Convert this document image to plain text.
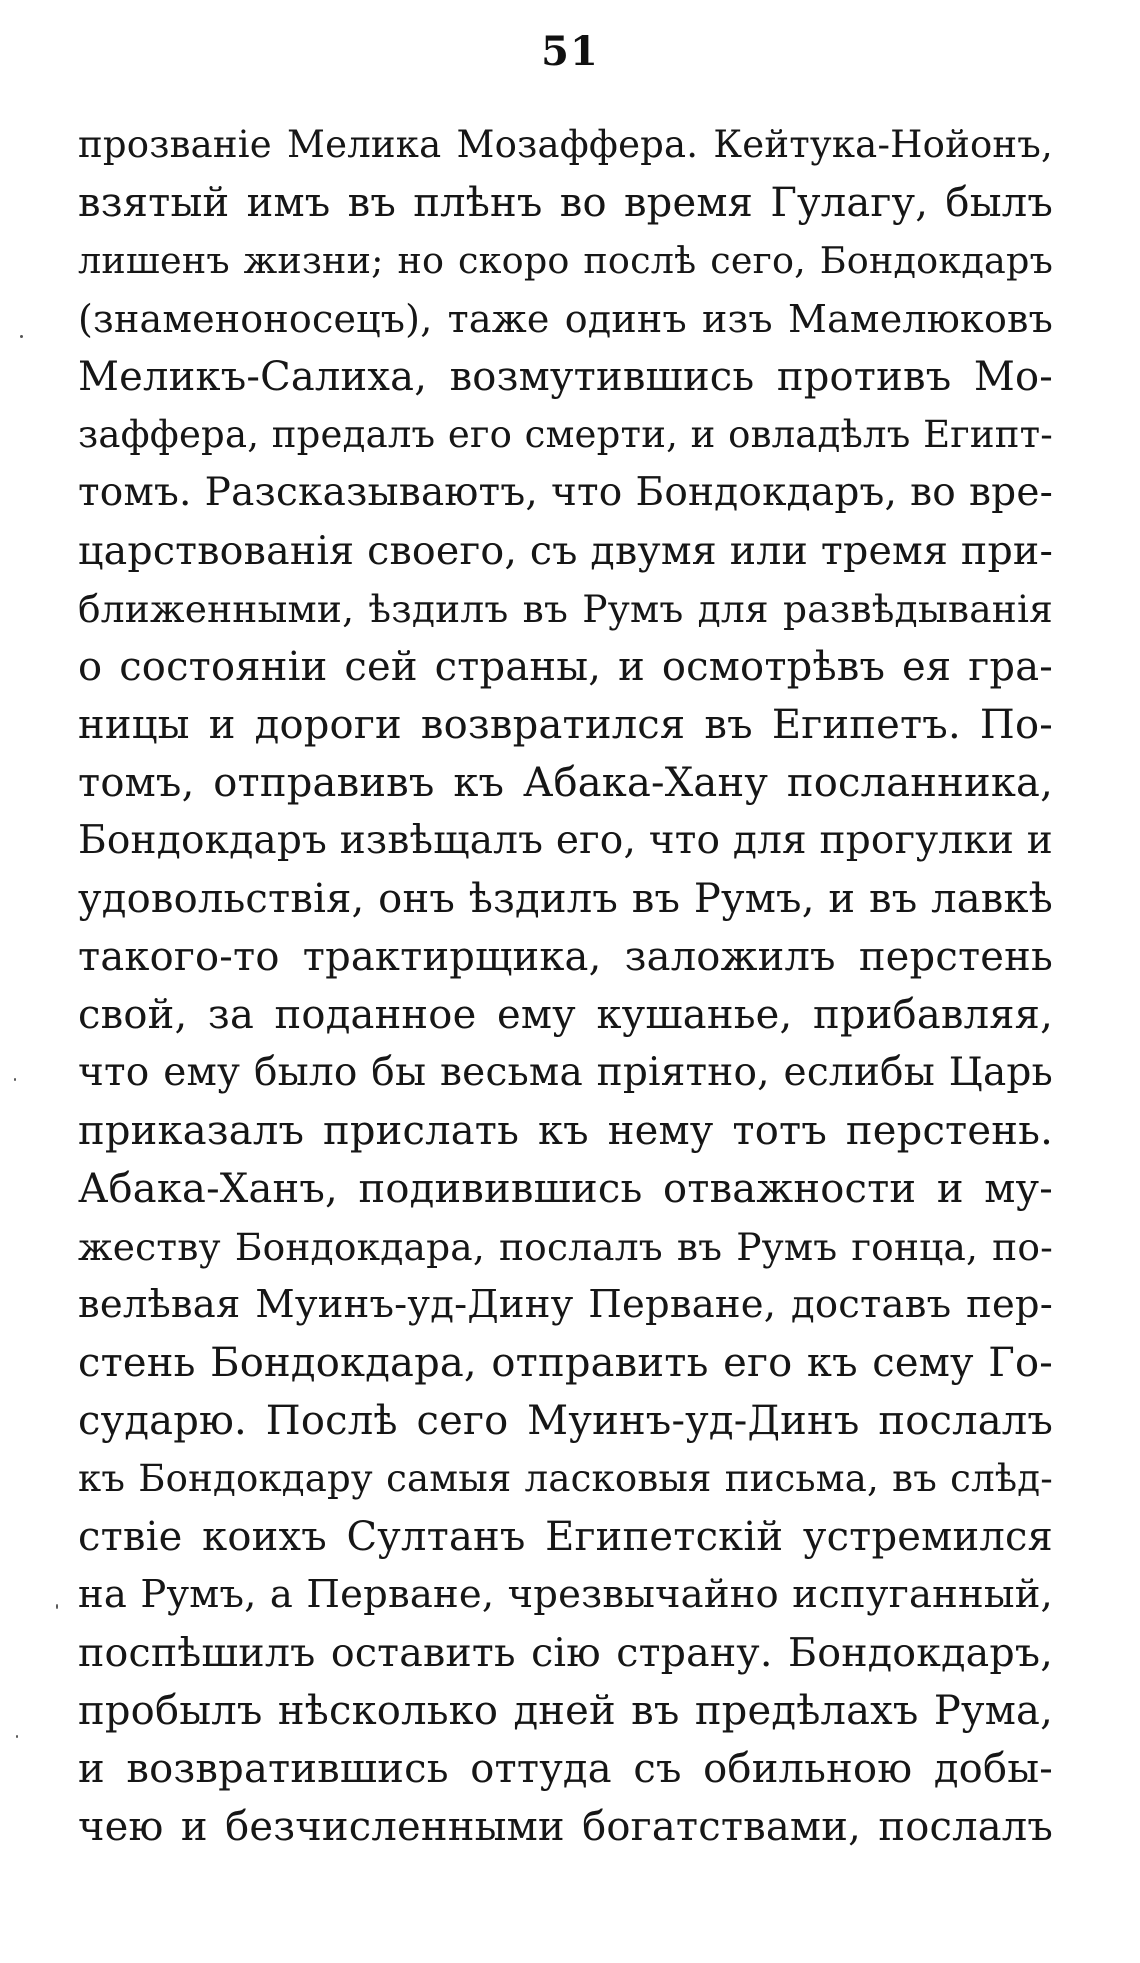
51
прозваніе Мелика Мозаффера. Кейтука-Нойонъ,
взятый имъ въ плѣнъ во время Гулагу, былъ
лишенъ жизни; но скоро послѣ сего, Бондокдаръ
(знаменоносецъ), таже одинъ изъ Мамелюковъ
Меликъ-Салиха, возмутившись противъ Мо-
заффера, предалъ его смерти, и овладѣлъ Египт-
томъ. Разсказываютъ, что Бондокдаръ, во вре-
царствованія своего, съ двумя или тремя при-
ближенными, ѣздилъ въ Румъ для развѣдыванія
о состояніи сей страны, и осмотрѣвъ ея гра-
ницы и дороги возвратился въ Египетъ. По-
томъ, отправивъ къ Абака-Хану посланника,
Бондокдаръ извѣщалъ его, что для прогулки и
удовольствія, онъ ѣздилъ въ Румъ, и въ лавкѣ
такого-то трактирщика, заложилъ перстень
свой, за поданное ему кушанье, прибавляя,
что ему было бы весьма пріятно, еслибы Царь
приказалъ прислать къ нему тотъ перстень.
Абака-Ханъ, подивившись отважности и му-
жеству Бондокдара, послалъ въ Румъ гонца, по-
велѣвая Муинъ-уд-Дину Перване, доставъ пер-
стень Бондокдара, отправить его къ сему Го-
сударю. Послѣ сего Муинъ-уд-Динъ послалъ
къ Бондокдару самыя ласковыя письма, въ слѣд-
ствіе коихъ Султанъ Египетскій устремился
на Румъ, а Перване, чрезвычайно испуганный,
поспѣшилъ оставить сію страну. Бондокдаръ,
пробылъ нѣсколько дней въ предѣлахъ Рума,
и возвратившись оттуда съ обильною добы-
чею и безчисленными богатствами, послалъ
